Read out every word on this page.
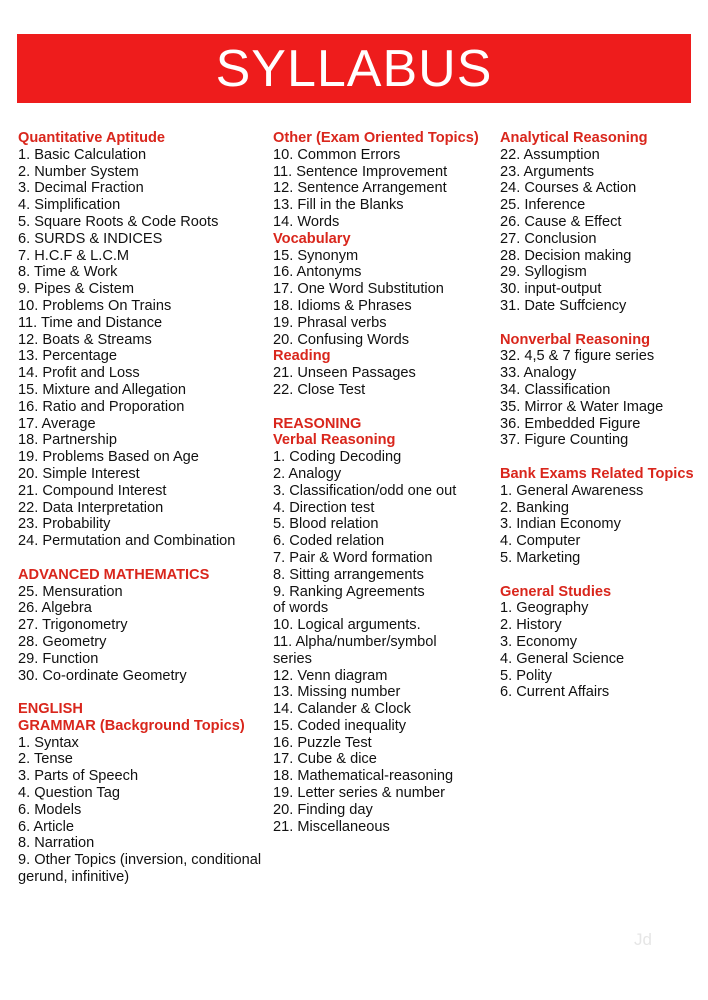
SYLLABUS
Quantitative Aptitude
1. Basic Calculation
2. Number System
3. Decimal Fraction
4. Simplification
5. Square Roots & Code Roots
6. SURDS & INDICES
7. H.C.F & L.C.M
8. Time & Work
9. Pipes & Cistem
10. Problems On Trains
11. Time and Distance
12. Boats & Streams
13. Percentage
14. Profit and Loss
15. Mixture and Allegation
16. Ratio and Proporation
17. Average
18. Partnership
19. Problems Based on Age
20. Simple Interest
21. Compound Interest
22. Data Interpretation
23. Probability
24. Permutation and Combination
ADVANCED MATHEMATICS
25. Mensuration
26. Algebra
27. Trigonometry
28. Geometry
29. Function
30. Co-ordinate Geometry
ENGLISH
GRAMMAR (Background Topics)
1. Syntax
2. Tense
3. Parts of Speech
4. Question Tag
6. Models
6. Article
8. Narration
9. Other Topics (inversion, conditional
gerund, infinitive)
Other (Exam Oriented Topics)
10. Common Errors
11. Sentence Improvement
12. Sentence Arrangement
13. Fill in the Blanks
14. Words
Vocabulary
15. Synonym
16. Antonyms
17. One Word Substitution
18. Idioms & Phrases
19. Phrasal verbs
20. Confusing Words
Reading
21. Unseen Passages
22. Close Test
REASONING
Verbal Reasoning
1. Coding Decoding
2. Analogy
3. Classification/odd one out
4. Direction test
5. Blood relation
6. Coded relation
7. Pair & Word formation
8. Sitting arrangements
9. Ranking Agreements
of words
10. Logical arguments.
11. Alpha/number/symbol
series
12. Venn diagram
13. Missing number
14. Calander & Clock
15. Coded inequality
16. Puzzle Test
17. Cube & dice
18. Mathematical-reasoning
19. Letter series & number
20. Finding day
21. Miscellaneous
Analytical Reasoning
22. Assumption
23. Arguments
24. Courses & Action
25. Inference
26. Cause & Effect
27. Conclusion
28. Decision making
29. Syllogism
30. input-output
31. Date Suffciency
Nonverbal Reasoning
32. 4,5 & 7 figure series
33. Analogy
34. Classification
35. Mirror & Water Image
36. Embedded Figure
37. Figure Counting
Bank Exams Related Topics
1. General Awareness
2. Banking
3. Indian Economy
4. Computer
5. Marketing
General Studies
1. Geography
2. History
3. Economy
4. General Science
5. Polity
6. Current Affairs
Jd
